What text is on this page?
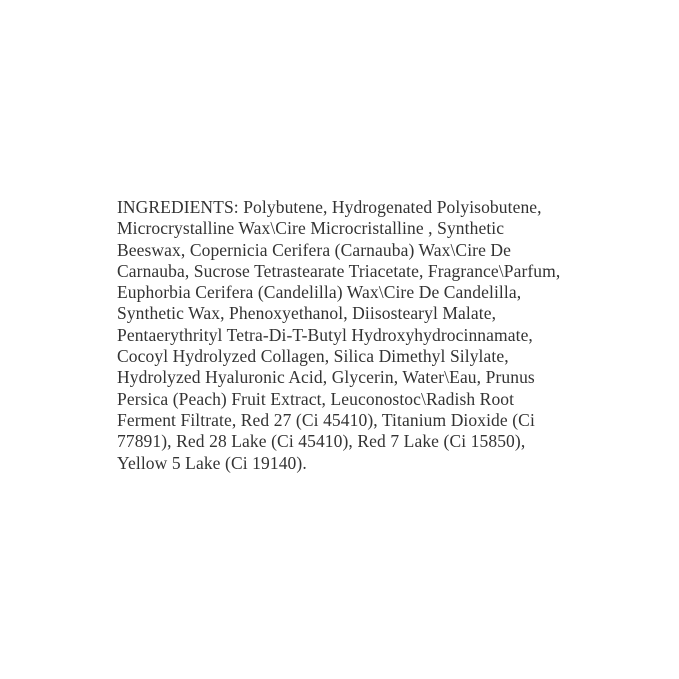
INGREDIENTS: Polybutene, Hydrogenated Polyisobutene,
Microcrystalline Wax\Cire Microcristalline , Synthetic
Beeswax, Copernicia Cerifera (Carnauba) Wax\Cire De
Carnauba, Sucrose Tetrastearate Triacetate, Fragrance\Parfum,
Euphorbia Cerifera (Candelilla) Wax\Cire De Candelilla,
Synthetic Wax, Phenoxyethanol, Diisostearyl Malate,
Pentaerythrityl Tetra-Di-T-Butyl Hydroxyhydrocinnamate,
Cocoyl Hydrolyzed Collagen, Silica Dimethyl Silylate,
Hydrolyzed Hyaluronic Acid, Glycerin, Water\Eau, Prunus
Persica (Peach) Fruit Extract, Leuconostoc\Radish Root
Ferment Filtrate, Red 27 (Ci 45410), Titanium Dioxide (Ci
77891), Red 28 Lake (Ci 45410), Red 7 Lake (Ci 15850),
Yellow 5 Lake (Ci 19140).
